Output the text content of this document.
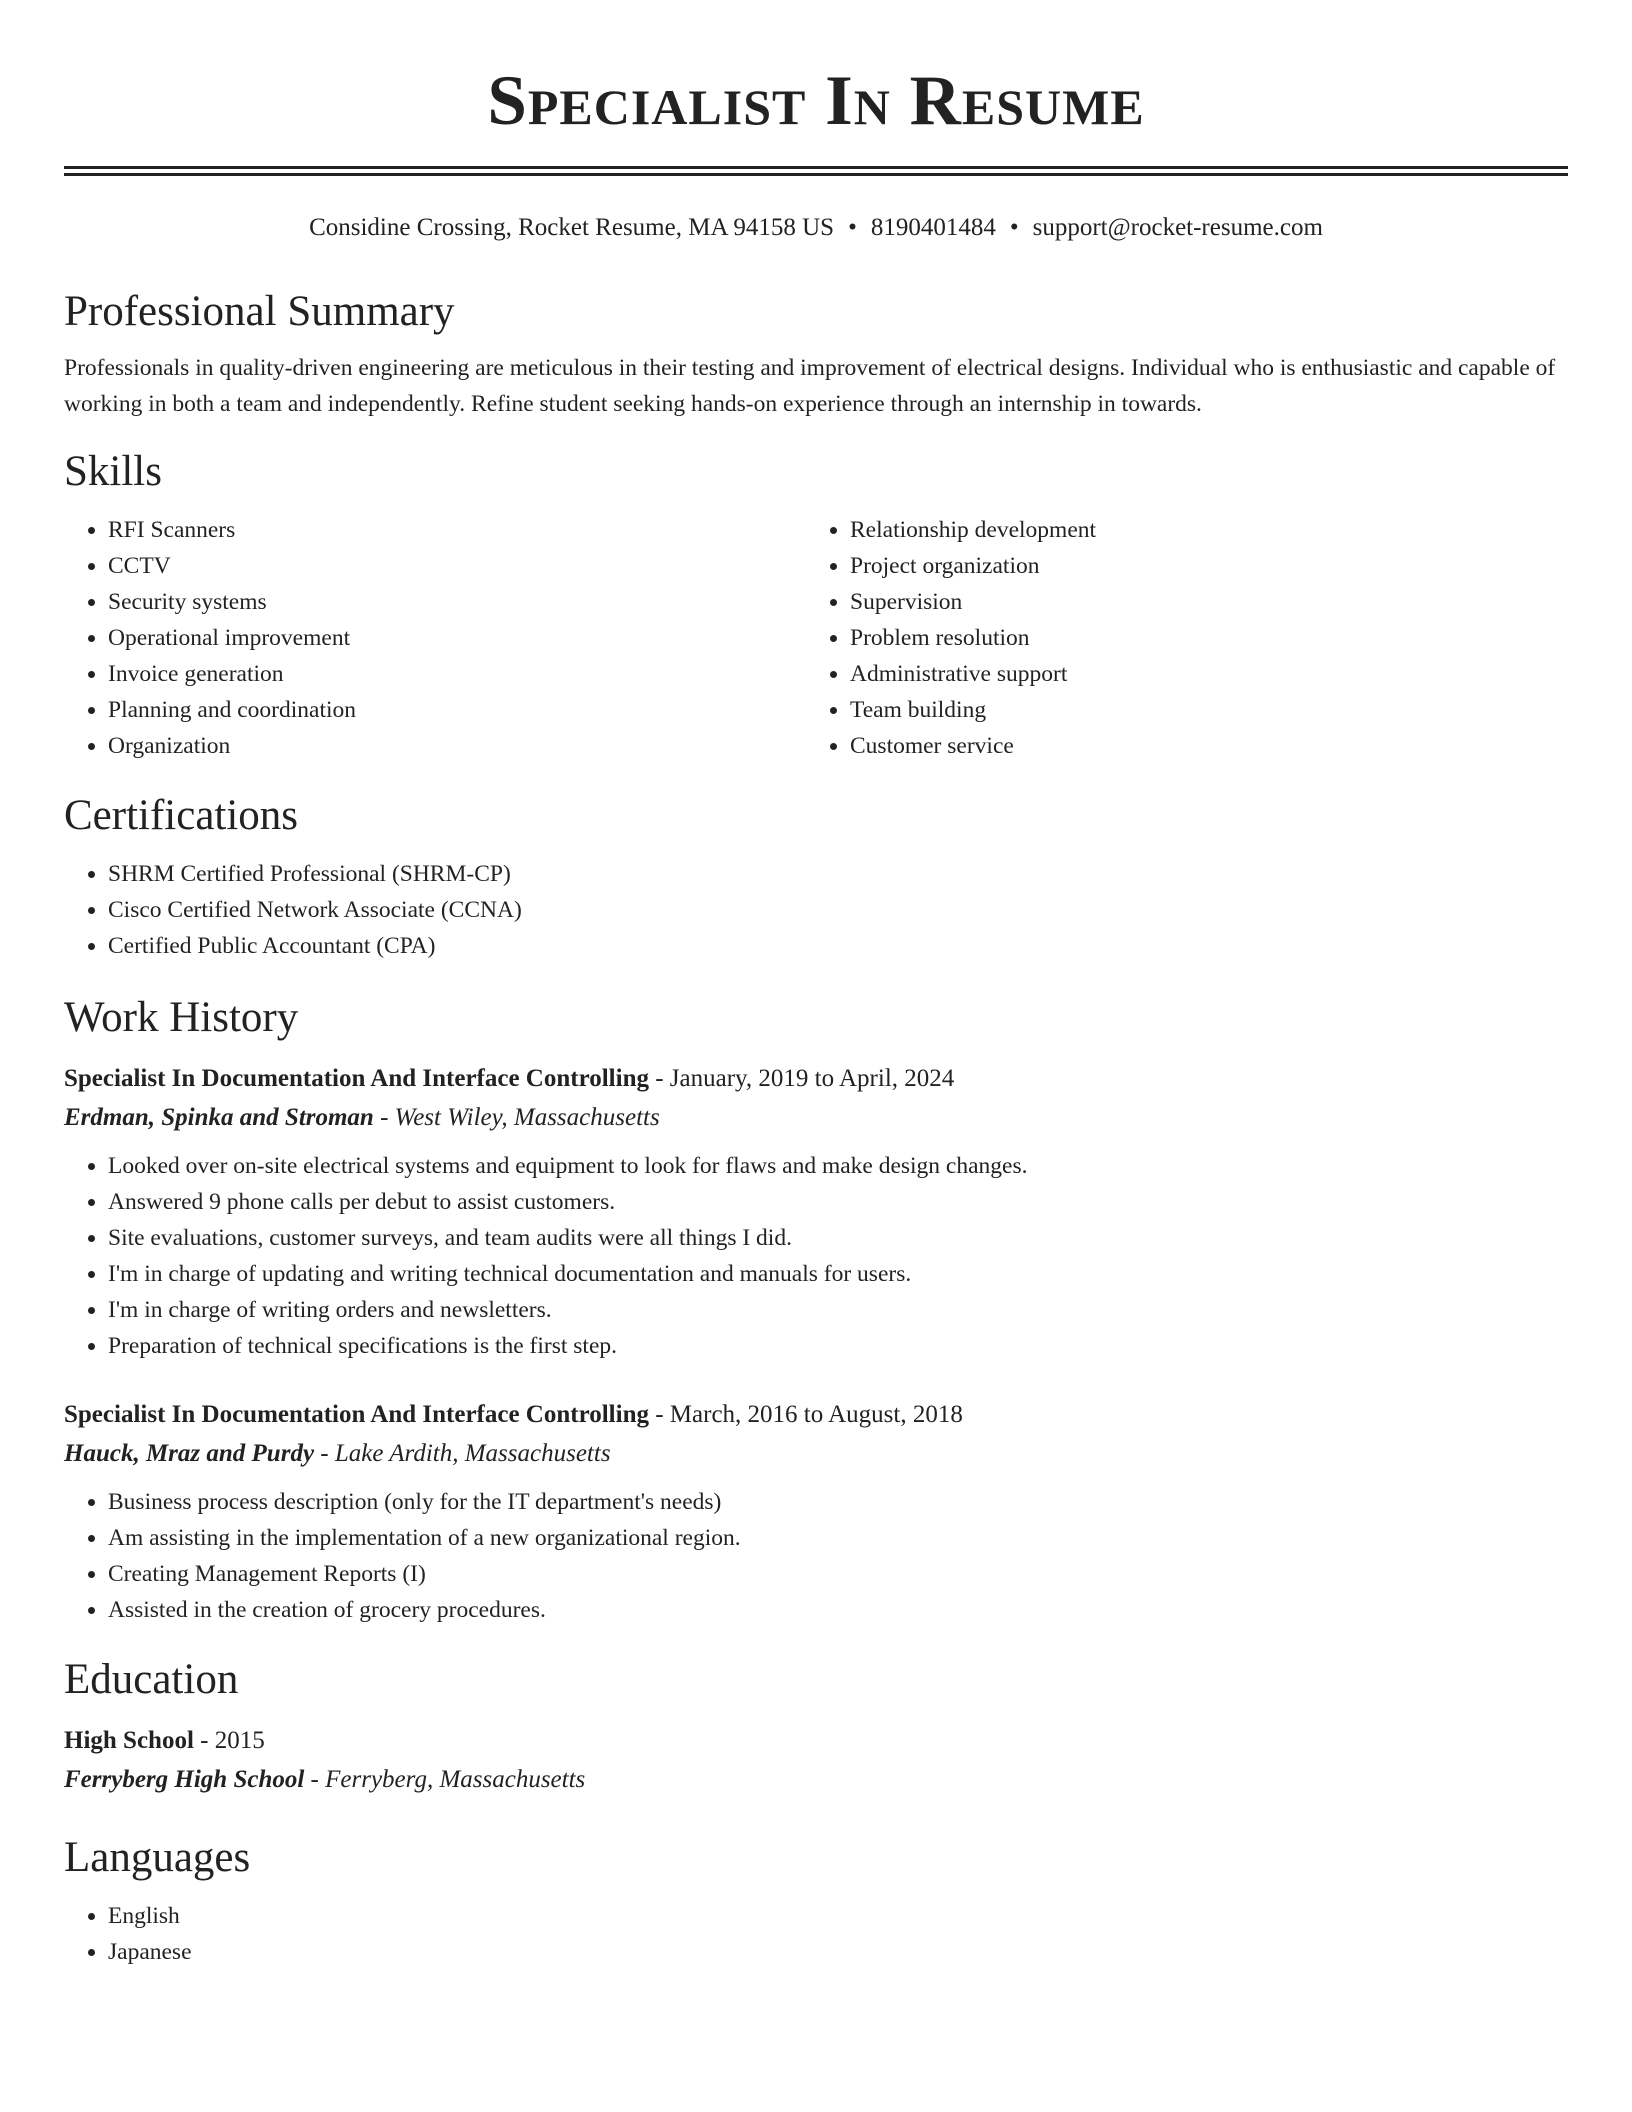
Specialist In Resume
Considine Crossing, Rocket Resume, MA 94158 US • 8190401484 • support@rocket-resume.com
Professional Summary
Professionals in quality-driven engineering are meticulous in their testing and improvement of electrical designs. Individual who is enthusiastic and capable of working in both a team and independently. Refine student seeking hands-on experience through an internship in towards.
Skills
• RFI Scanners
• CCTV
• Security systems
• Operational improvement
• Invoice generation
• Planning and coordination
• Organization
• Relationship development
• Project organization
• Supervision
• Problem resolution
• Administrative support
• Team building
• Customer service
Certifications
• SHRM Certified Professional (SHRM-CP)
• Cisco Certified Network Associate (CCNA)
• Certified Public Accountant (CPA)
Work History
Specialist In Documentation And Interface Controlling - January, 2019 to April, 2024
Erdman, Spinka and Stroman - West Wiley, Massachusetts
• Looked over on-site electrical systems and equipment to look for flaws and make design changes.
• Answered 9 phone calls per debut to assist customers.
• Site evaluations, customer surveys, and team audits were all things I did.
• I'm in charge of updating and writing technical documentation and manuals for users.
• I'm in charge of writing orders and newsletters.
• Preparation of technical specifications is the first step.
Specialist In Documentation And Interface Controlling - March, 2016 to August, 2018
Hauck, Mraz and Purdy - Lake Ardith, Massachusetts
• Business process description (only for the IT department's needs)
• Am assisting in the implementation of a new organizational region.
• Creating Management Reports (I)
• Assisted in the creation of grocery procedures.
Education
High School - 2015
Ferryberg High School - Ferryberg, Massachusetts
Languages
• English
• Japanese
